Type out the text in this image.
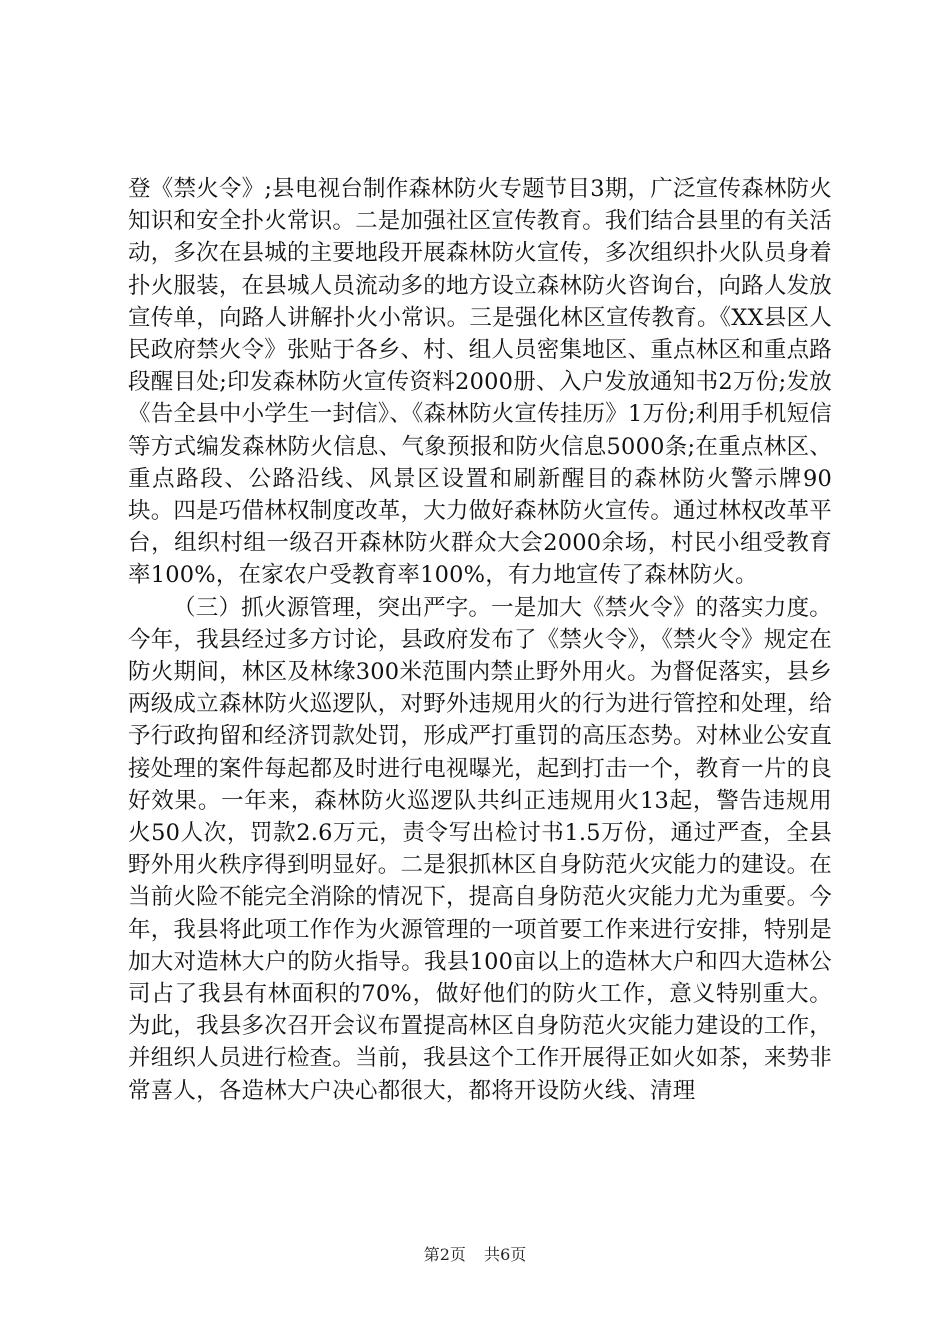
登《禁火令》;县电视台制作森林防火专题节目3期，广泛宣传森林防火知识和安全扑火常识。二是加强社区宣传教育。我们结合县里的有关活动，多次在县城的主要地段开展森林防火宣传，多次组织扑火队员身着扑火服装，在县城人员流动多的地方设立森林防火咨询台，向路人发放宣传单，向路人讲解扑火小常识。三是强化林区宣传教育。《XX县区人民政府禁火令》张贴于各乡、村、组人员密集地区、重点林区和重点路段醒目处;印发森林防火宣传资料2000册、入户发放通知书2万份;发放《告全县中小学生一封信》、《森林防火宣传挂历》1万份;利用手机短信等方式编发森林防火信息、气象预报和防火信息5000条;在重点林区、重点路段、公路沿线、风景区设置和刷新醒目的森林防火警示牌90块。四是巧借林权制度改革，大力做好森林防火宣传。通过林权改革平台，组织村组一级召开森林防火群众大会2000余场，村民小组受教育率100%，在家农户受教育率100%，有力地宣传了森林防火。

（三）抓火源管理，突出严字。一是加大《禁火令》的落实力度。今年，我县经过多方讨论，县政府发布了《禁火令》，《禁火令》规定在防火期间，林区及林缘300米范围内禁止野外用火。为督促落实，县乡两级成立森林防火巡逻队，对野外违规用火的行为进行管控和处理，给予行政拘留和经济罚款处罚，形成严打重罚的高压态势。对林业公安直接处理的案件每起都及时进行电视曝光，起到打击一个，教育一片的良好效果。一年来，森林防火巡逻队共纠正违规用火13起，警告违规用火50人次，罚款2.6万元，责令写出检讨书1.5万份，通过严查，全县野外用火秩序得到明显好。二是狠抓林区自身防范火灾能力的建设。在当前火险不能完全消除的情况下，提高自身防范火灾能力尤为重要。今年，我县将此项工作作为火源管理的一项首要工作来进行安排，特别是加大对造林大户的防火指导。我县100亩以上的造林大户和四大造林公司占了我县有林面积的70%，做好他们的防火工作，意义特别重大。为此，我县多次召开会议布置提高林区自身防范火灾能力建设的工作，并组织人员进行检查。当前，我县这个工作开展得正如火如茶，来势非常喜人，各造林大户决心都很大，都将开设防火线、清理

第2页 共6页
